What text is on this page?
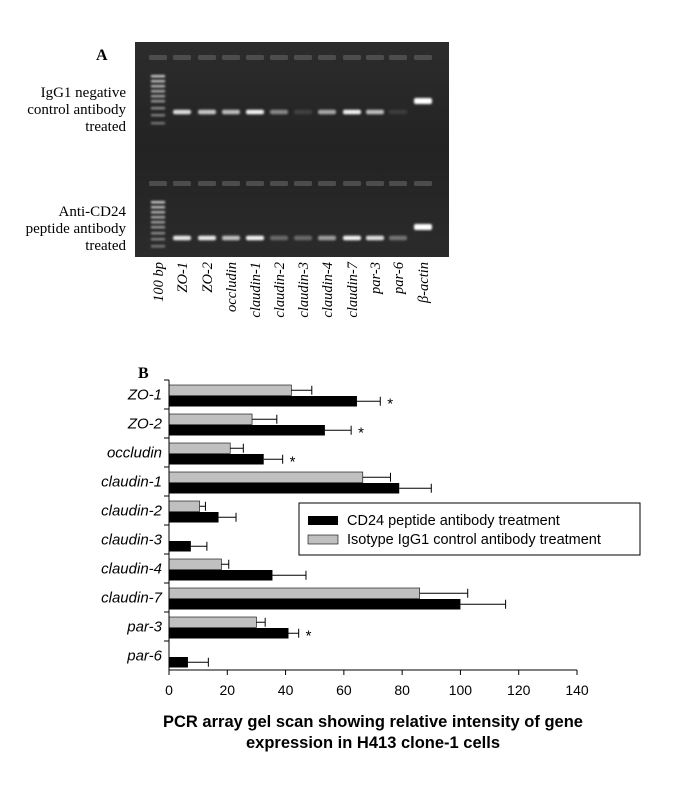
A
IgG1 negative
control antibody
treated
Anti-CD24
peptide antibody
treated
100 bp ZO-1 ZO-2 occludin claudin-1 claudin-2 claudin-3 claudin-4 claudin-7 par-3 par-6 β-actin
B
*
*
*
*
ZO-1
ZO-2
occludin
claudin-1
claudin-2
claudin-3
claudin-4
claudin-7
par-3
par-6
0	20	40	60	80	100 120 140
CD24 peptide antibody treatment
Isotype IgG1 control antibody treatment
PCR array gel scan showing relative intensity of gene
expression in H413 clone-1 cells
